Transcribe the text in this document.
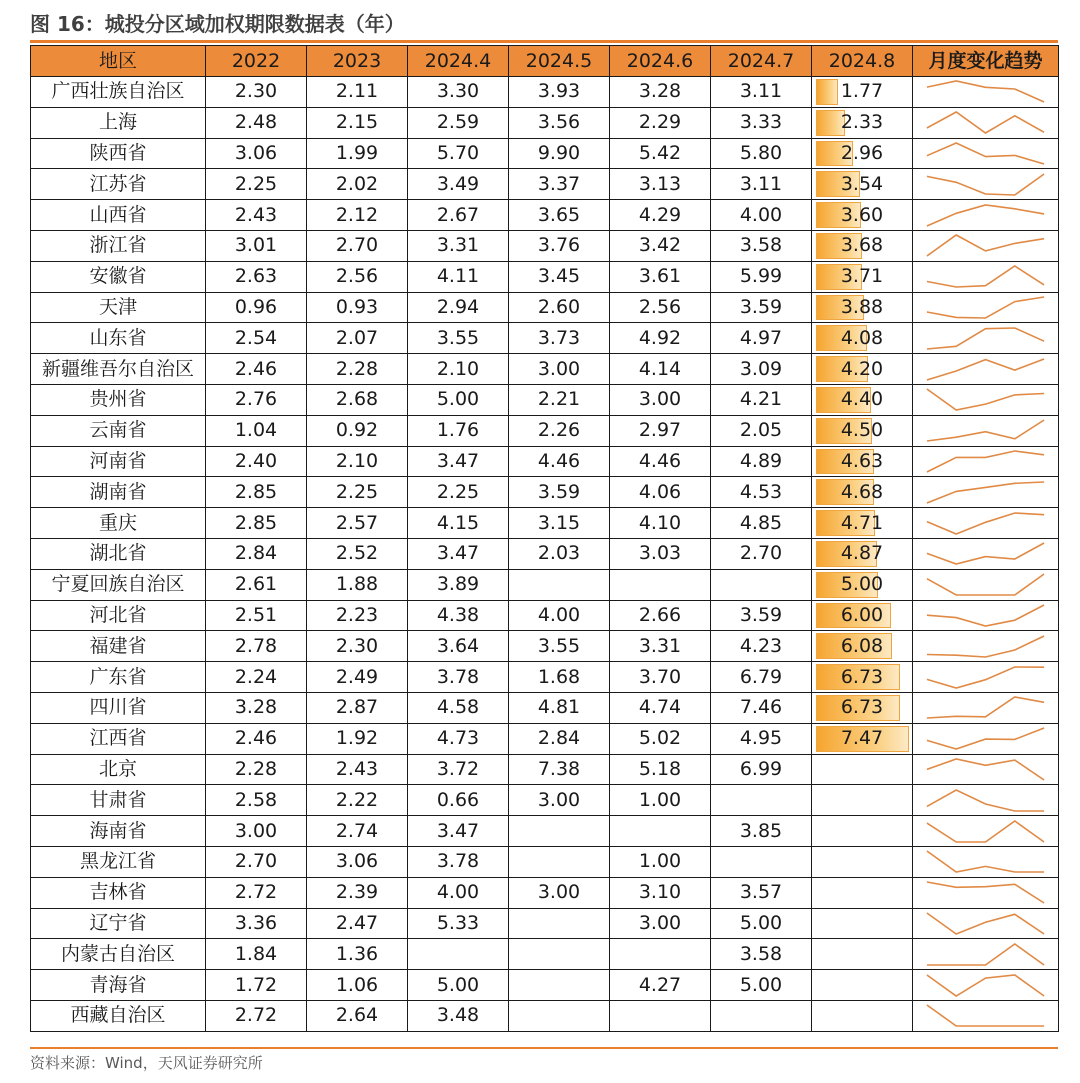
图 16：城投分区域加权期限数据表（年）
地区	2022	2023	2024.4	2024.5	2024.6	2024.7	2024.8	月度变化趋势
广西壮族自治区	2.30	2.11	3.30	3.93	3.28	3.11	1.77	

上海	2.48	2.15	2.59	3.56	2.29	3.33	2.33	

陕西省	3.06	1.99	5.70	9.90	5.42	5.80	2.96	

江苏省	2.25	2.02	3.49	3.37	3.13	3.11	3.54	

山西省	2.43	2.12	2.67	3.65	4.29	4.00	3.60	

浙江省	3.01	2.70	3.31	3.76	3.42	3.58	3.68	

安徽省	2.63	2.56	4.11	3.45	3.61	5.99	3.71	

天津	0.96	0.93	2.94	2.60	2.56	3.59	3.88	

山东省	2.54	2.07	3.55	3.73	4.92	4.97	4.08	

新疆维吾尔自治区	2.46	2.28	2.10	3.00	4.14	3.09	4.20	

贵州省	2.76	2.68	5.00	2.21	3.00	4.21	4.40	

云南省	1.04	0.92	1.76	2.26	2.97	2.05	4.50	

河南省	2.40	2.10	3.47	4.46	4.46	4.89	4.63	

湖南省	2.85	2.25	2.25	3.59	4.06	4.53	4.68	

重庆	2.85	2.57	4.15	3.15	4.10	4.85	4.71	

湖北省	2.84	2.52	3.47	2.03	3.03	2.70	4.87	

宁夏回族自治区	2.61	1.88	3.89				5.00	

河北省	2.51	2.23	4.38	4.00	2.66	3.59	6.00	

福建省	2.78	2.30	3.64	3.55	3.31	4.23	6.08	

广东省	2.24	2.49	3.78	1.68	3.70	6.79	6.73	

四川省	3.28	2.87	4.58	4.81	4.74	7.46	6.73	

江西省	2.46	1.92	4.73	2.84	5.02	4.95	7.47	

北京	2.28	2.43	3.72	7.38	5.18	6.99		

甘肃省	2.58	2.22	0.66	3.00	1.00			

海南省	3.00	2.74	3.47			3.85		

黑龙江省	2.70	3.06	3.78		1.00			

吉林省	2.72	2.39	4.00	3.00	3.10	3.57		

辽宁省	3.36	2.47	5.33		3.00	5.00		

内蒙古自治区	1.84	1.36				3.58		

青海省	1.72	1.06	5.00		4.27	5.00		

西藏自治区	2.72	2.64	3.48					
资料来源：Wind，天风证券研究所
